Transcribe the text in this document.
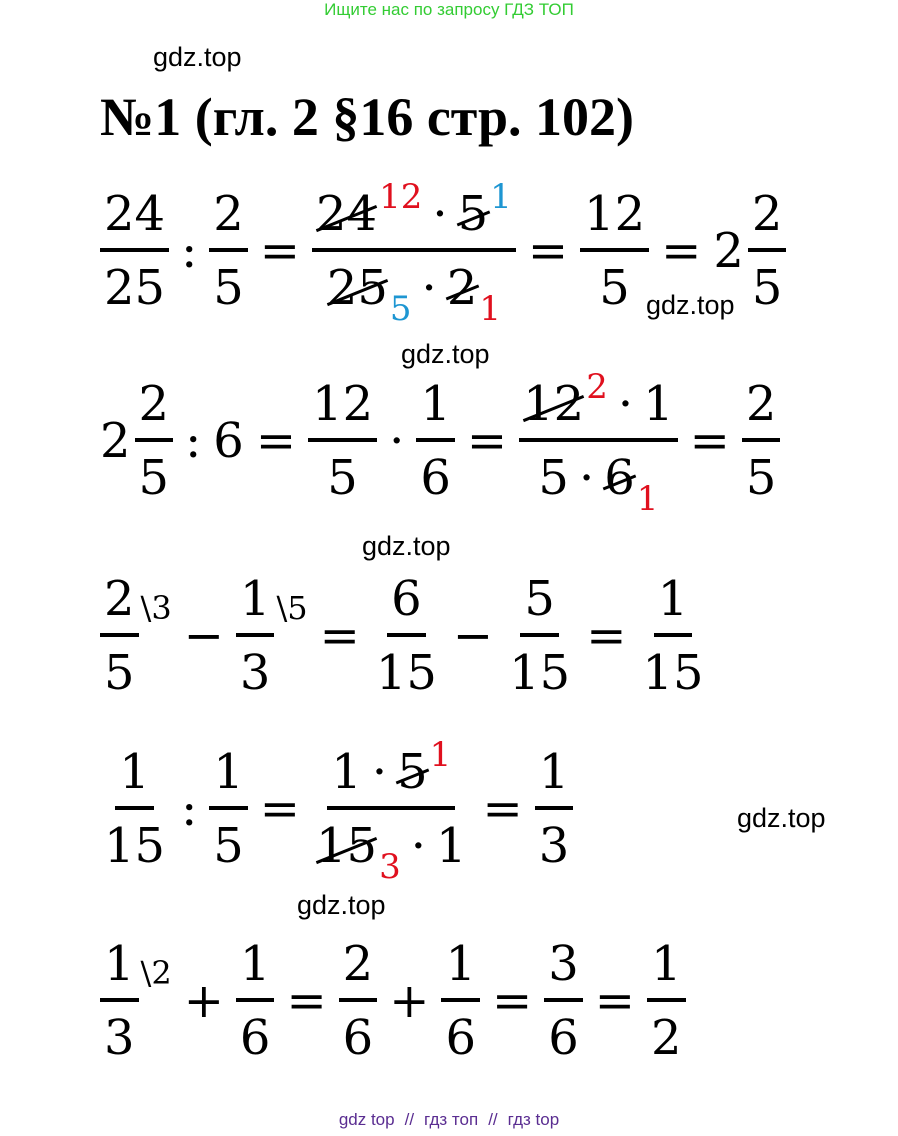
Ищите нас по запросу ГДЗ ТОП
gdz.top
№1 (гл. 2 §16 стр. 102)
$\frac{24}{25}$ : $\frac{2}{5} = \frac{24^{12} \cdot 5^1}{25_5 \cdot 2_1} = \frac{12}{5} = 2 \frac{2}{5}$
gdz.top
gdz.top
$2 \frac{2}{5}$ : $6 = \frac{12}{5} \cdot \frac{1}{6} = \frac{12^2 \cdot 1}{5 \cdot 6_1} = \frac{2}{5}$
gdz.top
$\frac{2}{5}$ \3 − $\frac{1}{3}$ \5 = $\frac{6}{15} - \frac{5}{15} = \frac{1}{15}$
$\frac{1}{15}$ : $\frac{1}{5} = \frac{1 \cdot 5^1}{15_3 \cdot 1} = \frac{1}{3}$	gdz.top
gdz.top
$\frac{1}{3}$ \2 + $\frac{1}{6} = \frac{2}{6} + \frac{1}{6} = \frac{3}{6} = \frac{1}{2}$
gdz top // гдз топ // гдз top
